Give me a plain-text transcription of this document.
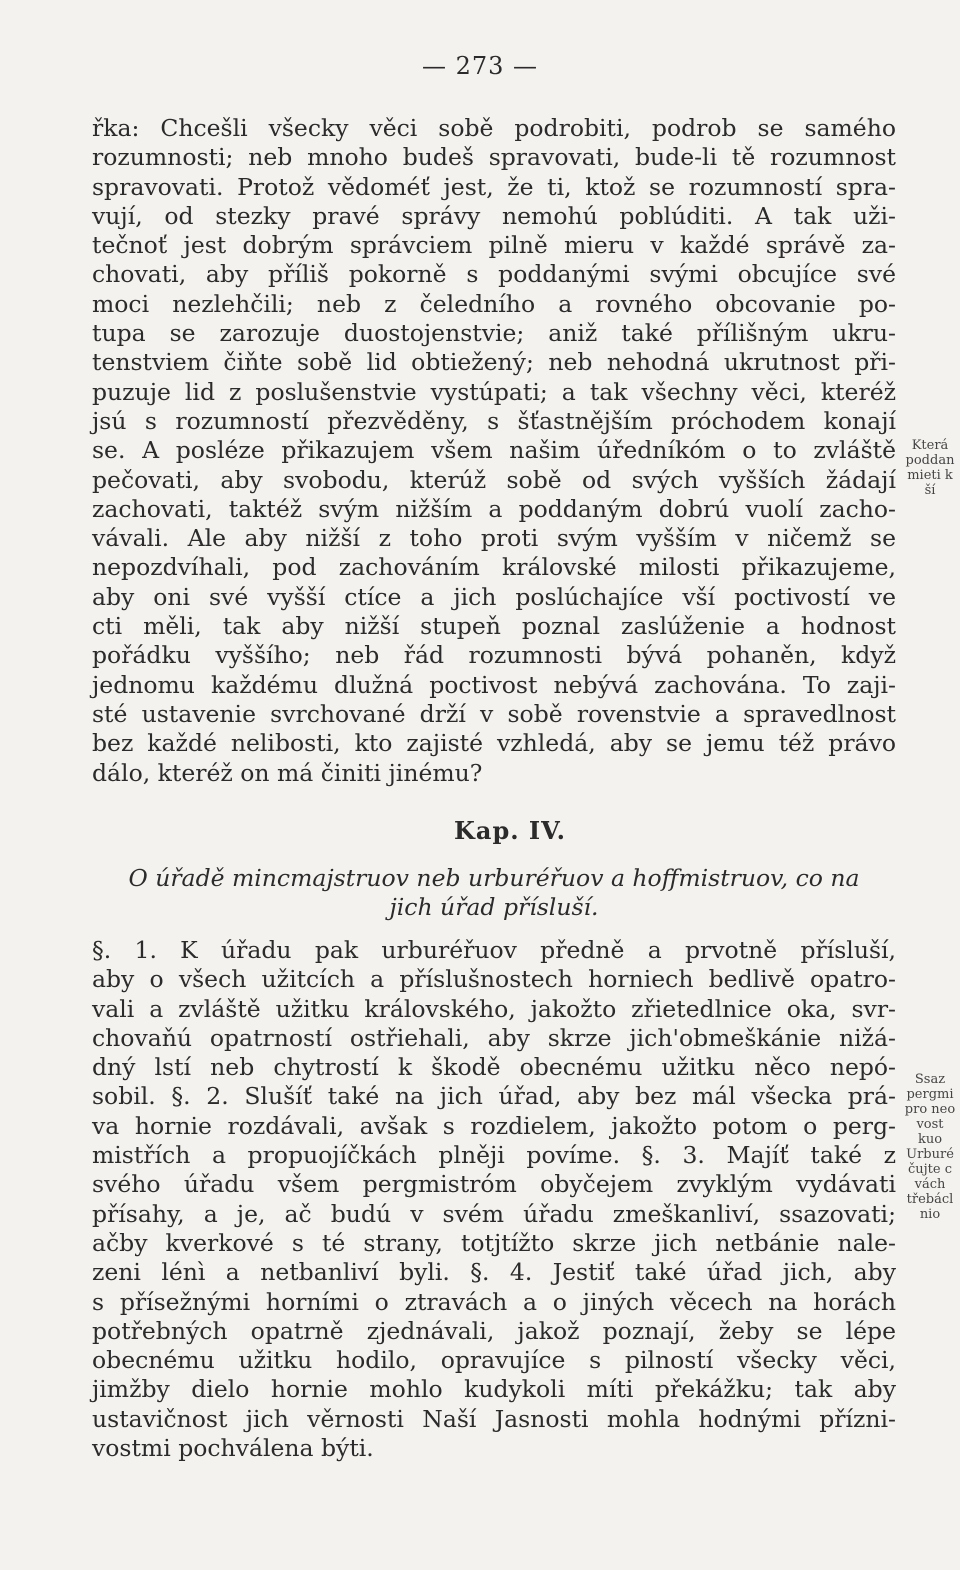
— 273 —
řka: Chcešli všecky věci sobě podrobiti, podrob se samého
rozumnosti; neb mnoho budeš spravovati, bude-li tě rozumnost
spravovati. Protož vědoméť jest, že ti, ktož se rozumností spra-
vují, od stezky pravé správy nemohú poblúditi. A tak uži-
tečnoť jest dobrým správciem pilně mieru v každé správě za-
chovati, aby příliš pokorně s poddanými svými obcujíce své
moci nezlehčili; neb z čeledního a rovného obcovanie po-
tupa se zarozuje duostojenstvie; aniž také přílišným ukru-
tenstviem čiňte sobě lid obtiežený; neb nehodná ukrutnost při-
puzuje lid z poslušenstvie vystúpati; a tak všechny věci, kteréž
jsú s rozumností přezvěděny, s šťastnějším próchodem konají
se. A posléze přikazujem všem našim úředníkóm o to zvláště
pečovati, aby svobodu, kterúž sobě od svých vyšších žádají
zachovati, taktéž svým nižším a poddaným dobrú vuolí zacho-
vávali. Ale aby nižší z toho proti svým vyšším v ničemž se
nepozdvíhali, pod zachováním královské milosti přikazujeme,
aby oni své vyšší ctíce a jich poslúchajíce vší poctivostí ve
cti měli, tak aby nižší stupeň poznal zaslúženie a hodnost
pořádku vyššího; neb řád rozumnosti bývá pohaněn, když
jednomu každému dlužná poctivost nebývá zachována. To zaji-
sté ustavenie svrchované drží v sobě rovenstvie a spravedlnost
bez každé nelibosti, kto zajisté vzhledá, aby se jemu též právo
dálo, kteréž on má činiti jinému?
Kap. IV.
O úřadě mincmajstruov neb urburéřuov a hoffmistruov, co na
jich úřad přísluší.
§. 1. K úřadu pak urburéřuov předně a prvotně přísluší,
aby o všech užitcích a příslušnostech horniech bedlivě opatro-
vali a zvláště užitku královského, jakožto zřietedlnice oka, svr-
chovaňú opatrností ostřiehali, aby skrze jich'obmeškánie nižá-
dný lstí neb chytrostí k škodě obecnému užitku něco nepó-
sobil. §. 2. Slušíť také na jich úřad, aby bez mál všecka prá-
va hornie rozdávali, avšak s rozdielem, jakožto potom o perg-
mistřích a propuojíčkách plněji povíme. §. 3. Majíť také z
svého úřadu všem pergmistróm obyčejem zvyklým vydávati
přísahy, a je, ač budú v svém úřadu zmeškanliví, ssazovati;
ačby kverkové s té strany, totjtížto skrze jich netbánie nale-
zeni lénì a netbanliví byli. §. 4. Jestiť také úřad jich, aby
s přísežnými horními o ztravách a o jiných věcech na horách
potřebných opatrně zjednávali, jakož poznají, žeby se lépe
obecnému užitku hodilo, opravujíce s pilností všecky věci,
jimžby dielo hornie mohlo kudykoli míti překážku; tak aby
ustavičnost jich věrnosti Naší Jasnosti mohla hodnými přízni-
vostmi pochválena býti.
Která
poddan
mieti k
ší
Ssaz
pergmi
pro neo
vost
kuo
Urburé
čujte c
vách
třebácl
nio
